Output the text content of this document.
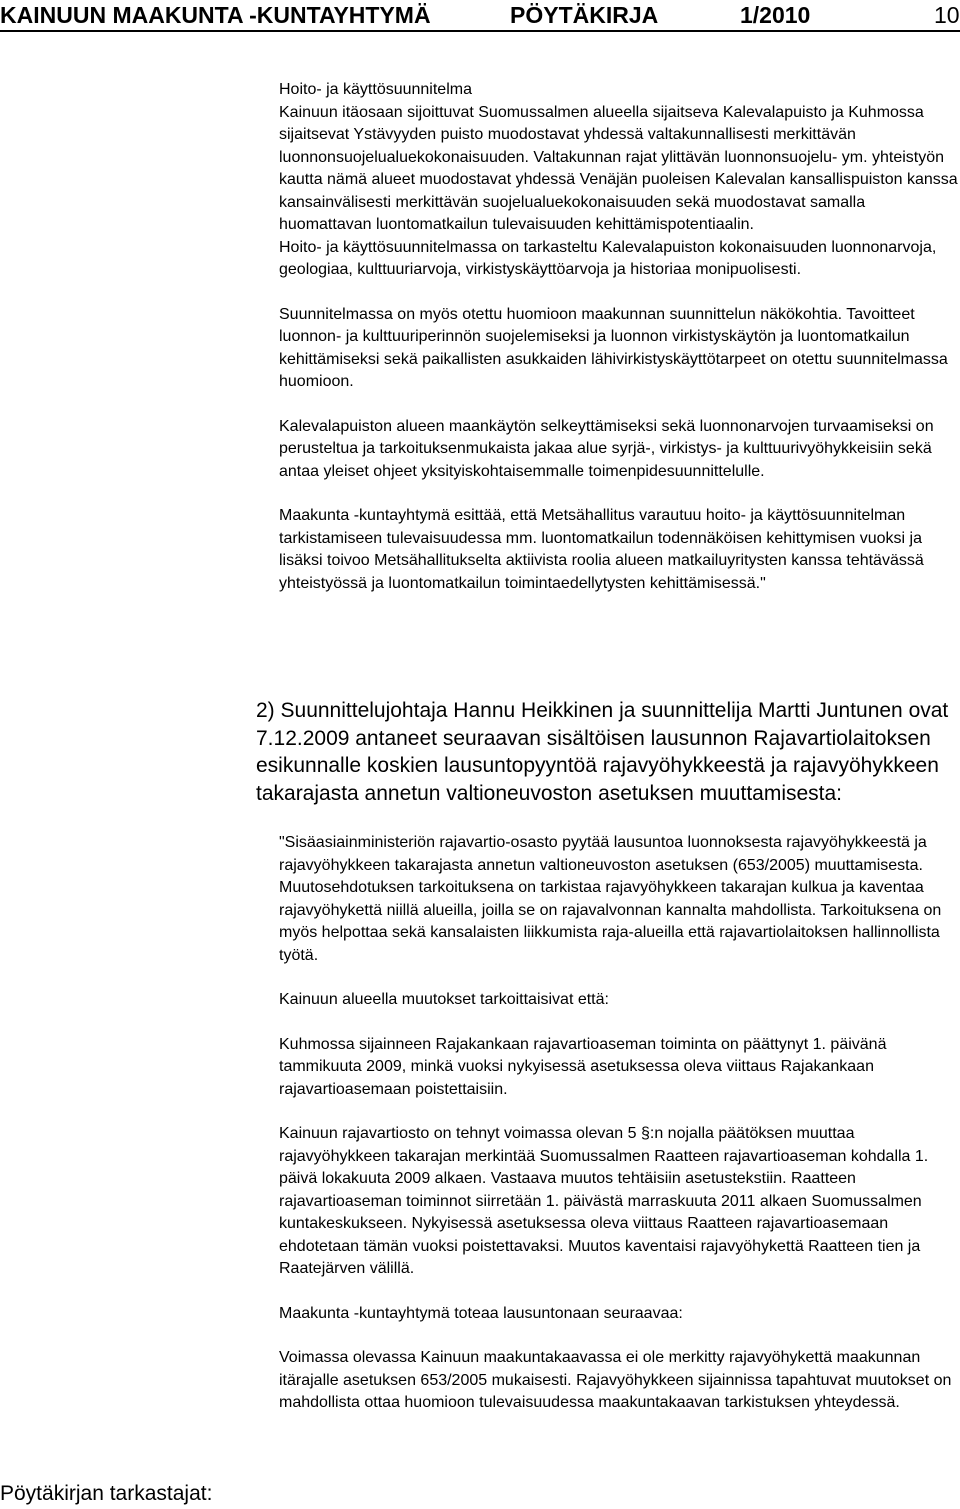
KAINUUN MAAKUNTA -KUNTAYHTYMÄ	PÖYTÄKIRJA	1/2010	10

Hoito- ja käyttösuunnitelma

Kainuun itäosaan sijoittuvat Suomussalmen alueella sijaitseva Kalevalapuisto ja Kuhmossa sijaitsevat Ystävyyden puisto muodostavat yhdessä valtakunnallisesti merkittävän luonnonsuojelualuekokonaisuuden. Valtakunnan rajat ylittävän luonnonsuojelu- ym. yhteistyön kautta nämä alueet muodostavat yhdessä Venäjän puoleisen Kalevalan kansallispuiston kanssa kansainvälisesti merkittävän suojelualuekokonaisuuden sekä muodostavat samalla huomattavan luontomatkailun tulevaisuuden kehittämispotentiaalin.

Hoito- ja käyttösuunnitelmassa on tarkasteltu Kalevalapuiston kokonaisuuden luonnonarvoja, geologiaa, kulttuuriarvoja, virkistyskäyttöarvoja ja historiaa monipuolisesti.

Suunnitelmassa on myös otettu huomioon maakunnan suunnittelun näkökohtia. Tavoitteet luonnon- ja kulttuuriperinnön suojelemiseksi ja luonnon virkistyskäytön ja luontomatkailun kehittämiseksi sekä paikallisten asukkaiden lähivirkistyskäyttötarpeet on otettu suunnitelmassa huomioon.

Kalevalapuiston alueen maankäytön selkeyttämiseksi sekä luonnonarvojen turvaamiseksi on perusteltua ja tarkoituksenmukaista jakaa alue syrjä-, virkistys- ja kulttuurivyöhykkeisiin sekä antaa yleiset ohjeet yksityiskohtaisemmalle toimenpidesuunnittelulle.

Maakunta -kuntayhtymä esittää, että Metsähallitus varautuu hoito- ja käyttösuunnitelman tarkistamiseen tulevaisuudessa mm. luontomatkailun todennäköisen kehittymisen vuoksi ja lisäksi toivoo Metsähallitukselta aktiivista roolia alueen matkailuyritysten kanssa tehtävässä yhteistyössä ja luontomatkailun toimintaedellytysten kehittämisessä."

2) Suunnittelujohtaja Hannu Heikkinen ja suunnittelija Martti Juntunen ovat 7.12.2009 antaneet seuraavan sisältöisen lausunnon Rajavartiolaitoksen esikunnalle koskien lausuntopyyntöä rajavyöhykkeestä ja rajavyöhykkeen takarajasta annetun valtioneuvoston asetuksen muuttamisesta:

"Sisäasiainministeriön rajavartio-osasto pyytää lausuntoa luonnoksesta rajavyöhykkeestä ja rajavyöhykkeen takarajasta annetun valtioneuvoston asetuksen (653/2005) muuttamisesta. Muutosehdotuksen tarkoituksena on tarkistaa rajavyöhykkeen takarajan kulkua ja kaventaa rajavyöhykettä niillä alueilla, joilla se on rajavalvonnan kannalta mahdollista. Tarkoituksena on myös helpottaa sekä kansalaisten liikkumista raja-alueilla että rajavartiolaitoksen hallinnollista työtä.

Kainuun alueella muutokset tarkoittaisivat että:

Kuhmossa sijainneen Rajakankaan rajavartioaseman toiminta on päättynyt 1. päivänä tammikuuta 2009, minkä vuoksi nykyisessä asetuksessa oleva viittaus Rajakankaan rajavartioasemaan poistettaisiin.

Kainuun rajavartiosto on tehnyt voimassa olevan 5 §:n nojalla päätöksen muuttaa rajavyöhykkeen takarajan merkintää Suomussalmen Raatteen rajavartioaseman kohdalla 1. päivä lokakuuta 2009 alkaen. Vastaava muutos tehtäisiin asetustekstiin. Raatteen rajavartioaseman toiminnot siirretään 1. päivästä marraskuuta 2011 alkaen Suomussalmen kuntakeskukseen. Nykyisessä asetuksessa oleva viittaus Raatteen rajavartioasemaan ehdotetaan tämän vuoksi poistettavaksi. Muutos kaventaisi rajavyöhykettä Raatteen tien ja Raatejärven välillä.

Maakunta -kuntayhtymä toteaa lausuntonaan seuraavaa:

Voimassa olevassa Kainuun maakuntakaavassa ei ole merkitty rajavyöhykettä maakunnan itärajalle asetuksen 653/2005 mukaisesti. Rajavyöhykkeen sijainnissa tapahtuvat muutokset on mahdollista ottaa huomioon tulevaisuudessa maakuntakaavan tarkistuksen yhteydessä.

Pöytäkirjan tarkastajat:
